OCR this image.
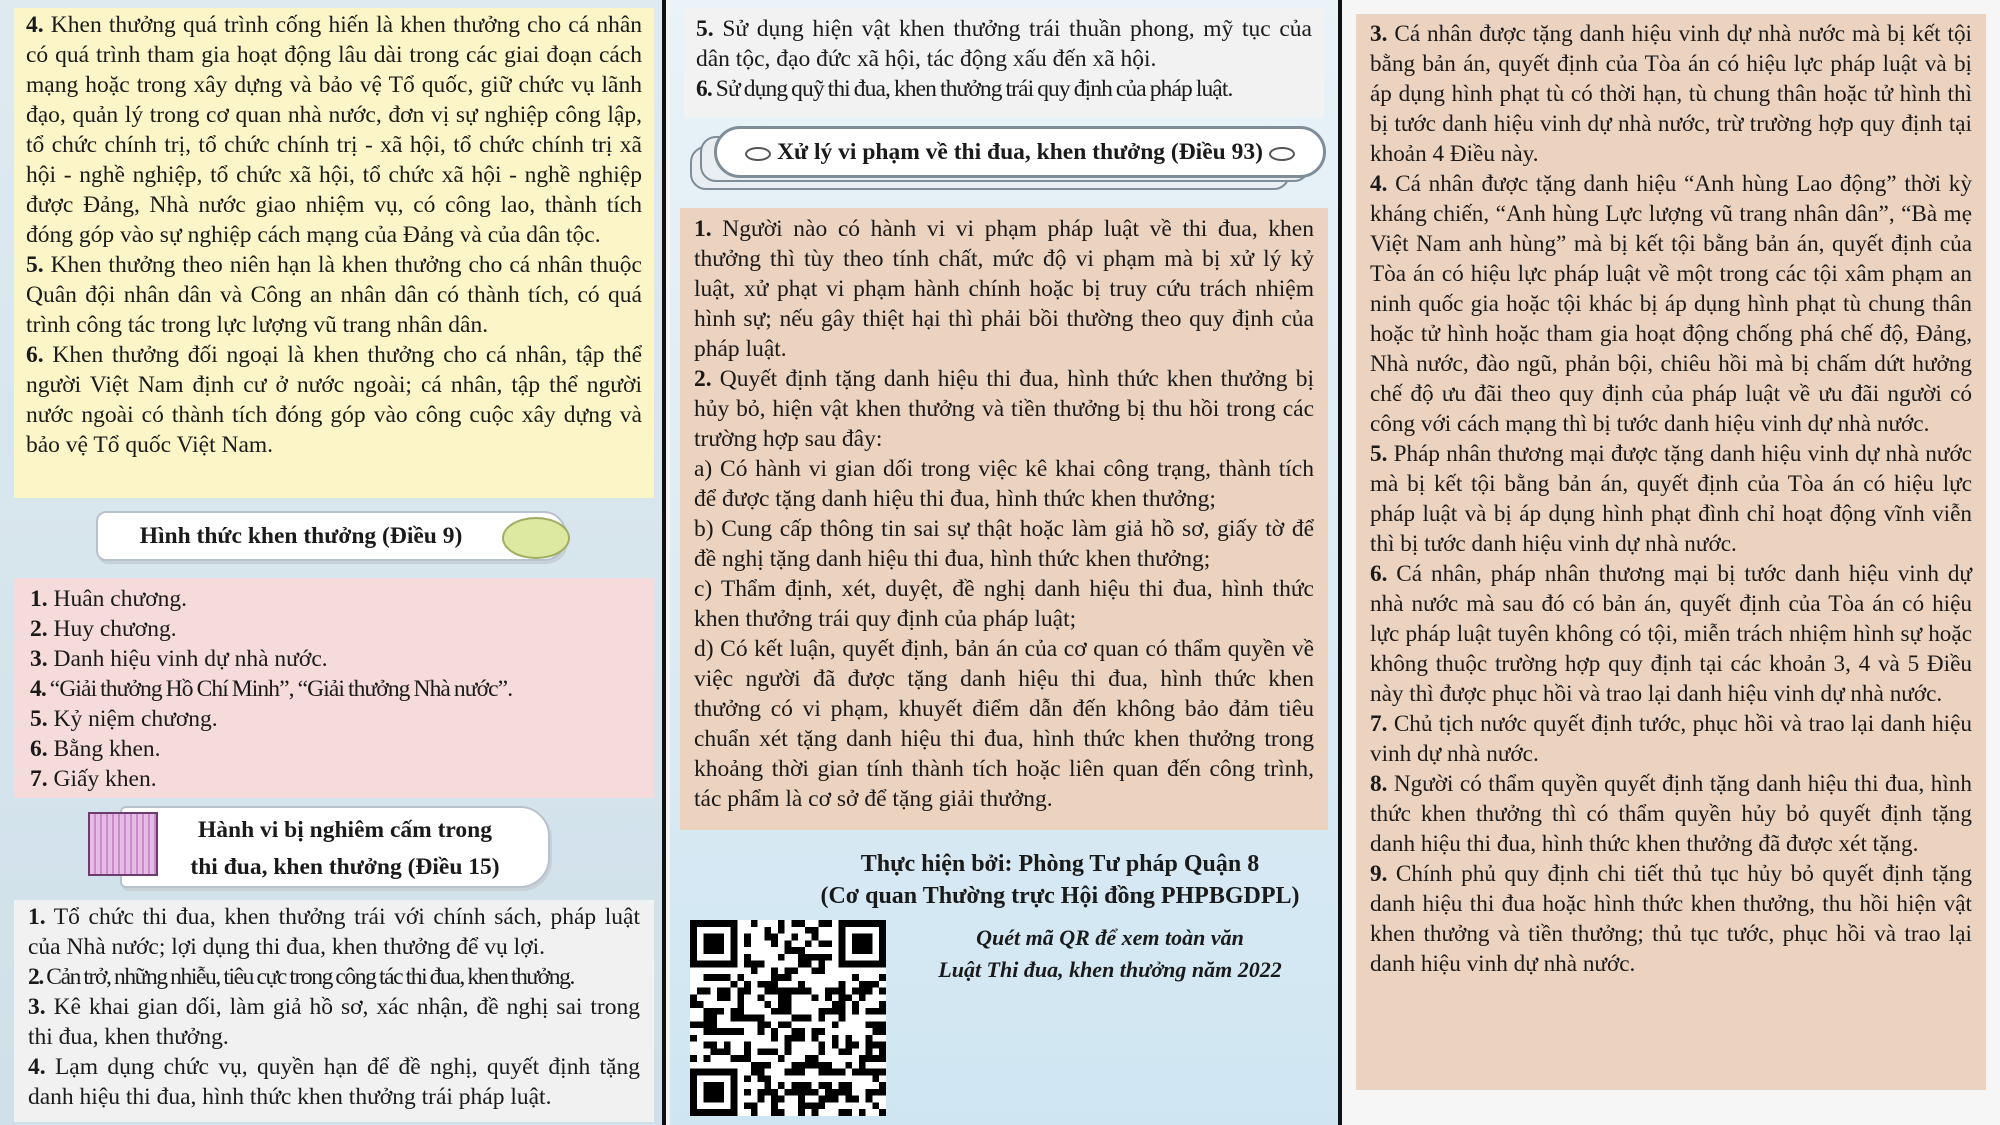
4. Khen thưởng quá trình cống hiến là khen thưởng cho cá nhân có quá trình tham gia hoạt động lâu dài trong các giai đoạn cách mạng hoặc trong xây dựng và bảo vệ Tổ quốc, giữ chức vụ lãnh đạo, quản lý trong cơ quan nhà nước, đơn vị sự nghiệp công lập, tổ chức chính trị, tổ chức chính trị - xã hội, tổ chức chính trị xã hội - nghề nghiệp, tổ chức xã hội, tổ chức xã hội - nghề nghiệp được Đảng, Nhà nước giao nhiệm vụ, có công lao, thành tích đóng góp vào sự nghiệp cách mạng của Đảng và của dân tộc.

5. Khen thưởng theo niên hạn là khen thưởng cho cá nhân thuộc Quân đội nhân dân và Công an nhân dân có thành tích, có quá trình công tác trong lực lượng vũ trang nhân dân.

6. Khen thưởng đối ngoại là khen thưởng cho cá nhân, tập thể người Việt Nam định cư ở nước ngoài; cá nhân, tập thể người nước ngoài có thành tích đóng góp vào công cuộc xây dựng và bảo vệ Tổ quốc Việt Nam.

Hình thức khen thưởng (Điều 9)

1. Huân chương.

2. Huy chương.

3. Danh hiệu vinh dự nhà nước.

4. “Giải thưởng Hồ Chí Minh”, “Giải thưởng Nhà nước”.

5. Kỷ niệm chương.

6. Bằng khen.

7. Giấy khen.

Hành vi bị nghiêm cấm trong
thi đua, khen thưởng (Điều 15)

1. Tổ chức thi đua, khen thưởng trái với chính sách, pháp luật của Nhà nước; lợi dụng thi đua, khen thưởng để vụ lợi.

2. Cản trở, những nhiễu, tiêu cực trong công tác thi đua, khen thưởng.

3. Kê khai gian dối, làm giả hồ sơ, xác nhận, đề nghị sai trong thi đua, khen thưởng.

4. Lạm dụng chức vụ, quyền hạn để đề nghị, quyết định tặng danh hiệu thi đua, hình thức khen thưởng trái pháp luật.

5. Sử dụng hiện vật khen thưởng trái thuần phong, mỹ tục của dân tộc, đạo đức xã hội, tác động xấu đến xã hội.

6. Sử dụng quỹ thi đua, khen thưởng trái quy định của pháp luật.

Xử lý vi phạm về thi đua, khen thưởng (Điều 93)

1. Người nào có hành vi vi phạm pháp luật về thi đua, khen thưởng thì tùy theo tính chất, mức độ vi phạm mà bị xử lý kỷ luật, xử phạt vi phạm hành chính hoặc bị truy cứu trách nhiệm hình sự; nếu gây thiệt hại thì phải bồi thường theo quy định của pháp luật.

2. Quyết định tặng danh hiệu thi đua, hình thức khen thưởng bị hủy bỏ, hiện vật khen thưởng và tiền thưởng bị thu hồi trong các trường hợp sau đây:

a) Có hành vi gian dối trong việc kê khai công trạng, thành tích để được tặng danh hiệu thi đua, hình thức khen thưởng;

b) Cung cấp thông tin sai sự thật hoặc làm giả hồ sơ, giấy tờ để đề nghị tặng danh hiệu thi đua, hình thức khen thưởng;

c) Thẩm định, xét, duyệt, đề nghị danh hiệu thi đua, hình thức khen thưởng trái quy định của pháp luật;

d) Có kết luận, quyết định, bản án của cơ quan có thẩm quyền về việc người đã được tặng danh hiệu thi đua, hình thức khen thưởng có vi phạm, khuyết điểm dẫn đến không bảo đảm tiêu chuẩn xét tặng danh hiệu thi đua, hình thức khen thưởng trong khoảng thời gian tính thành tích hoặc liên quan đến công trình, tác phẩm là cơ sở để tặng giải thưởng.

Thực hiện bởi: Phòng Tư pháp Quận 8
(Cơ quan Thường trực Hội đồng PHPBGDPL)
Quét mã QR để xem toàn văn
Luật Thi đua, khen thưởng năm 2022

3. Cá nhân được tặng danh hiệu vinh dự nhà nước mà bị kết tội bằng bản án, quyết định của Tòa án có hiệu lực pháp luật và bị áp dụng hình phạt tù có thời hạn, tù chung thân hoặc tử hình thì bị tước danh hiệu vinh dự nhà nước, trừ trường hợp quy định tại khoản 4 Điều này.

4. Cá nhân được tặng danh hiệu “Anh hùng Lao động” thời kỳ kháng chiến, “Anh hùng Lực lượng vũ trang nhân dân”, “Bà mẹ Việt Nam anh hùng” mà bị kết tội bằng bản án, quyết định của Tòa án có hiệu lực pháp luật về một trong các tội xâm phạm an ninh quốc gia hoặc tội khác bị áp dụng hình phạt tù chung thân hoặc tử hình hoặc tham gia hoạt động chống phá chế độ, Đảng, Nhà nước, đào ngũ, phản bội, chiêu hồi mà bị chấm dứt hưởng chế độ ưu đãi theo quy định của pháp luật về ưu đãi người có công với cách mạng thì bị tước danh hiệu vinh dự nhà nước.

5. Pháp nhân thương mại được tặng danh hiệu vinh dự nhà nước mà bị kết tội bằng bản án, quyết định của Tòa án có hiệu lực pháp luật và bị áp dụng hình phạt đình chỉ hoạt động vĩnh viễn thì bị tước danh hiệu vinh dự nhà nước.

6. Cá nhân, pháp nhân thương mại bị tước danh hiệu vinh dự nhà nước mà sau đó có bản án, quyết định của Tòa án có hiệu lực pháp luật tuyên không có tội, miễn trách nhiệm hình sự hoặc không thuộc trường hợp quy định tại các khoản 3, 4 và 5 Điều này thì được phục hồi và trao lại danh hiệu vinh dự nhà nước.

7. Chủ tịch nước quyết định tước, phục hồi và trao lại danh hiệu vinh dự nhà nước.

8. Người có thẩm quyền quyết định tặng danh hiệu thi đua, hình thức khen thưởng thì có thẩm quyền hủy bỏ quyết định tặng danh hiệu thi đua, hình thức khen thưởng đã được xét tặng.

9. Chính phủ quy định chi tiết thủ tục hủy bỏ quyết định tặng danh hiệu thi đua hoặc hình thức khen thưởng, thu hồi hiện vật khen thưởng và tiền thưởng; thủ tục tước, phục hồi và trao lại danh hiệu vinh dự nhà nước.
